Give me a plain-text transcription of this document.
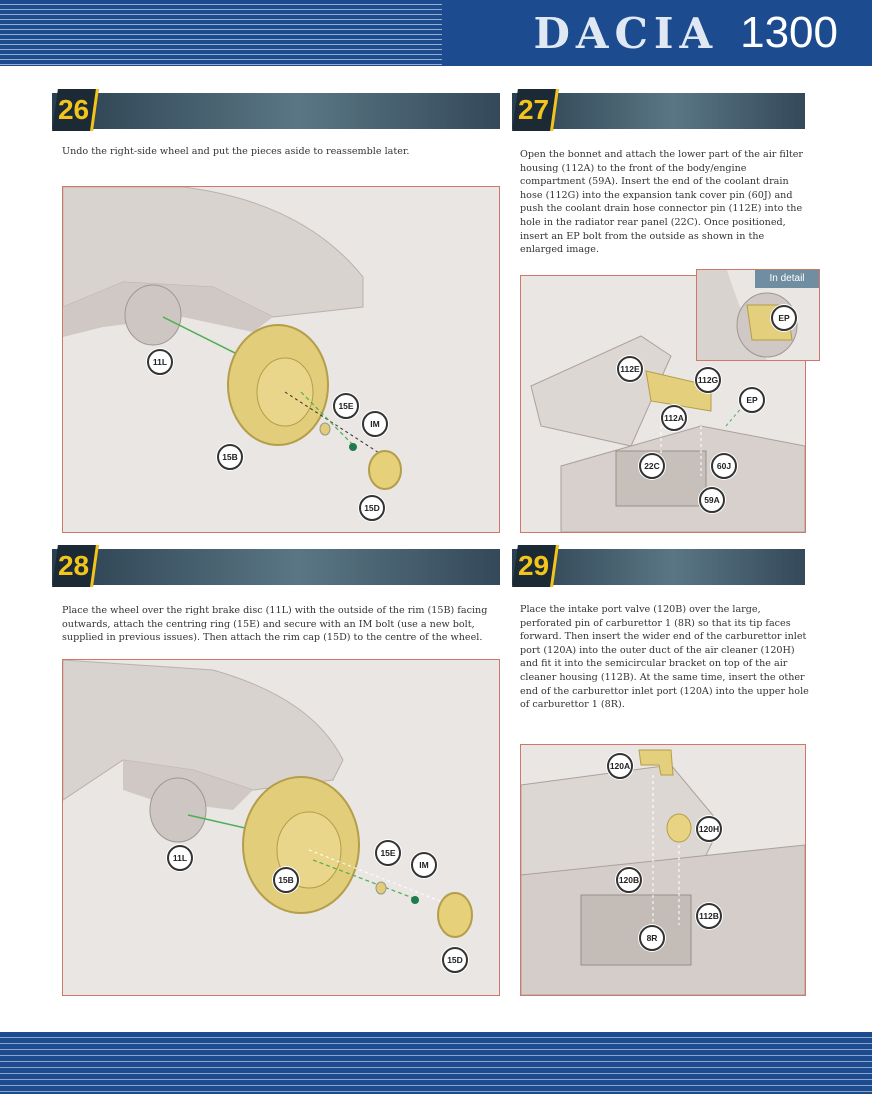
DACIA 1300
26
Undo the right-side wheel and put the pieces aside to reassemble later.
11L
15E
IM
15B
15D
27
Open the bonnet and attach the lower part of the air filter housing (112A) to the front of the body/engine compartment (59A). Insert the end of the coolant drain hose (112G) into the expansion tank cover pin (60J) and push the coolant drain hose connector pin (112E) into the hole in the radiator rear panel (22C). Once positioned, insert an EP bolt from the outside as shown in the enlarged image.
112E
112G
EP
112A
22C	60J
59A
In detail
EP
28
Place the wheel over the right brake disc (11L) with the outside of the rim (15B) facing outwards, attach the centring ring (15E) and secure with an IM bolt (use a new bolt, supplied in previous issues). Then attach the rim cap (15D) to the centre of the wheel.
11L	15E
IM
15B
15D
29
Place the intake port valve (120B) over the large, perforated pin of carburettor 1 (8R) so that its tip faces forward. Then insert the wider end of the carburettor inlet port (120A) into the outer duct of the air cleaner (120H) and fit it into the semicircular bracket on top of the air cleaner housing (112B). At the same time, insert the other end of the carburettor inlet port (120A) into the upper hole of carburettor 1 (8R).
120A
120H
120B
112B
8R
